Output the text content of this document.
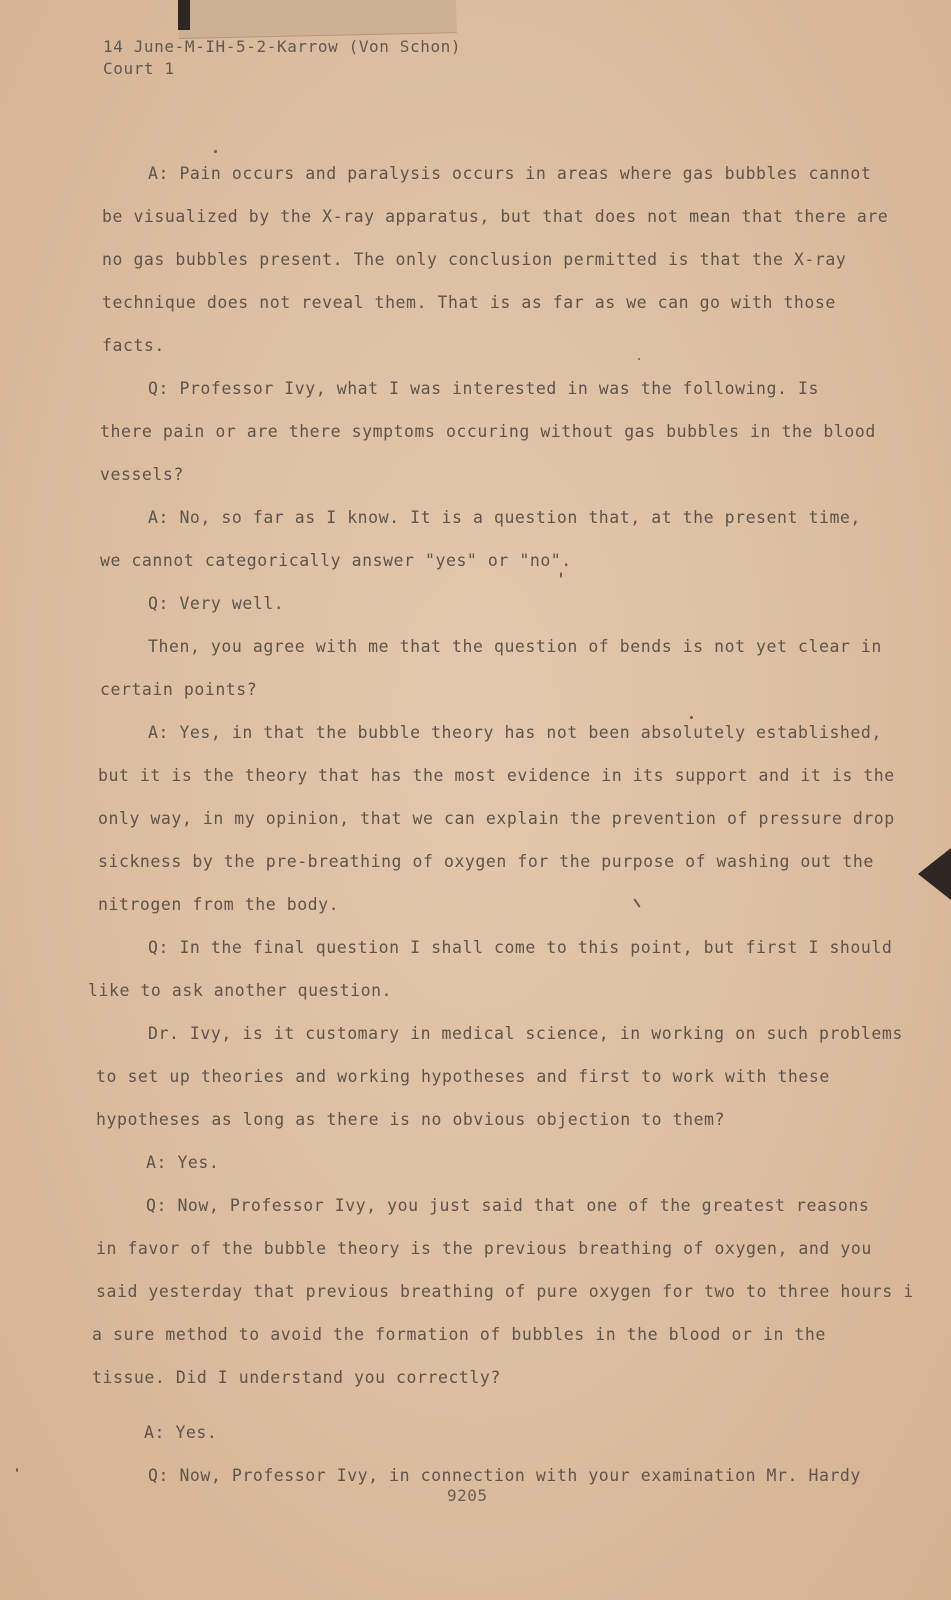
14 June-M-IH-5-2-Karrow (Von Schon)
Court 1
A: Pain occurs and paralysis occurs in areas where gas bubbles cannot
be visualized by the X-ray apparatus, but that does not mean that there are
no gas bubbles present. The only conclusion permitted is that the X-ray
technique does not reveal them. That is as far as we can go with those
facts.
Q: Professor Ivy, what I was interested in was the following. Is
there pain or are there symptoms occuring without gas bubbles in the blood
vessels?
A: No, so far as I know. It is a question that, at the present time,
we cannot categorically answer "yes" or "no".
Q: Very well.
Then, you agree with me that the question of bends is not yet clear in
certain points?
A: Yes, in that the bubble theory has not been absolutely established,
but it is the theory that has the most evidence in its support and it is the
only way, in my opinion, that we can explain the prevention of pressure drop
sickness by the pre-breathing of oxygen for the purpose of washing out the
nitrogen from the body.
Q: In the final question I shall come to this point, but first I should
like to ask another question.
Dr. Ivy, is it customary in medical science, in working on such problems
to set up theories and working hypotheses and first to work with these
hypotheses as long as there is no obvious objection to them?
A: Yes.
Q: Now, Professor Ivy, you just said that one of the greatest reasons
in favor of the bubble theory is the previous breathing of oxygen, and you
said yesterday that previous breathing of pure oxygen for two to three hours i
a sure method to avoid the formation of bubbles in the blood or in the
tissue. Did I understand you correctly?
A: Yes.
Q: Now, Professor Ivy, in connection with your examination Mr. Hardy
9205
